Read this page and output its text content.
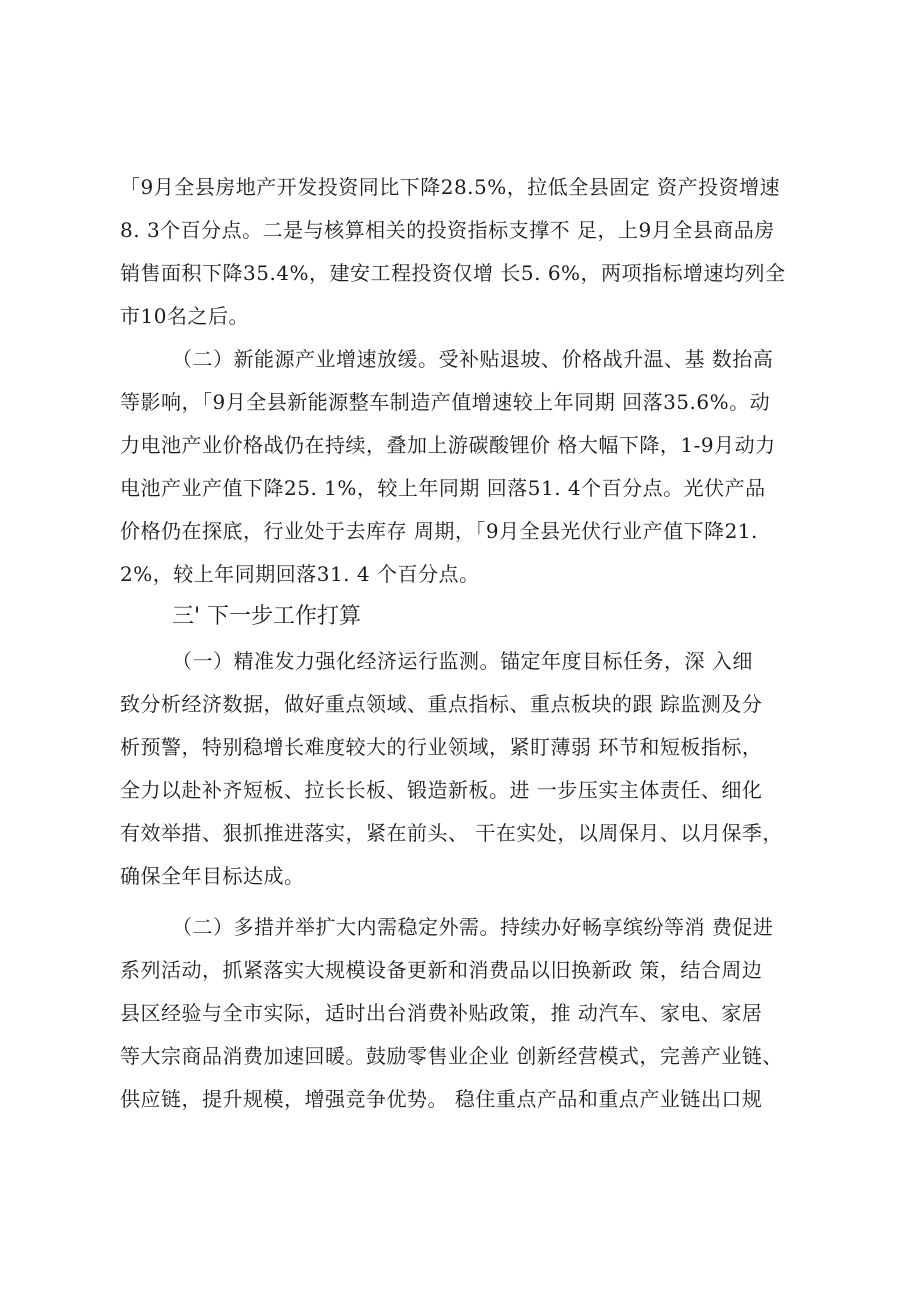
「9月全县房地产开发投资同比下降28.5%，拉低全县固定 资产投资增速
8. 3个百分点。二是与核算相关的投资指标支撑不 足，上9月全县商品房
销售面积下降35.4%，建安工程投资仅增 长5. 6%，两项指标增速均列全
市10名之后。
（二）新能源产业增速放缓。受补贴退坡、价格战升温、基 数抬高
等影响，「9月全县新能源整车制造产值增速较上年同期 回落35.6%。动
力电池产业价格战仍在持续，叠加上游碳酸锂价 格大幅下降，1-9月动力
电池产业产值下降25. 1%，较上年同期 回落51. 4个百分点。光伏产品
价格仍在探底，行业处于去库存 周期，「9月全县光伏行业产值下降21.
2%，较上年同期回落31. 4 个百分点。
三' 下一步工作打算
（一）精准发力强化经济运行监测。锚定年度目标任务，深 入细
致分析经济数据，做好重点领域、重点指标、重点板块的跟 踪监测及分
析预警，特别稳增长难度较大的行业领域，紧盯薄弱 环节和短板指标，
全力以赴补齐短板、拉长长板、锻造新板。进 一步压实主体责任、细化
有效举措、狠抓推进落实，紧在前头、 干在实处，以周保月、以月保季，
确保全年目标达成。
（二）多措并举扩大内需稳定外需。持续办好畅享缤纷等消 费促进
系列活动，抓紧落实大规模设备更新和消费品以旧换新政 策，结合周边
县区经验与全市实际，适时出台消费补贴政策，推 动汽车、家电、家居
等大宗商品消费加速回暖。鼓励零售业企业 创新经营模式，完善产业链、
供应链，提升规模，增强竞争优势。 稳住重点产品和重点产业链出口规
